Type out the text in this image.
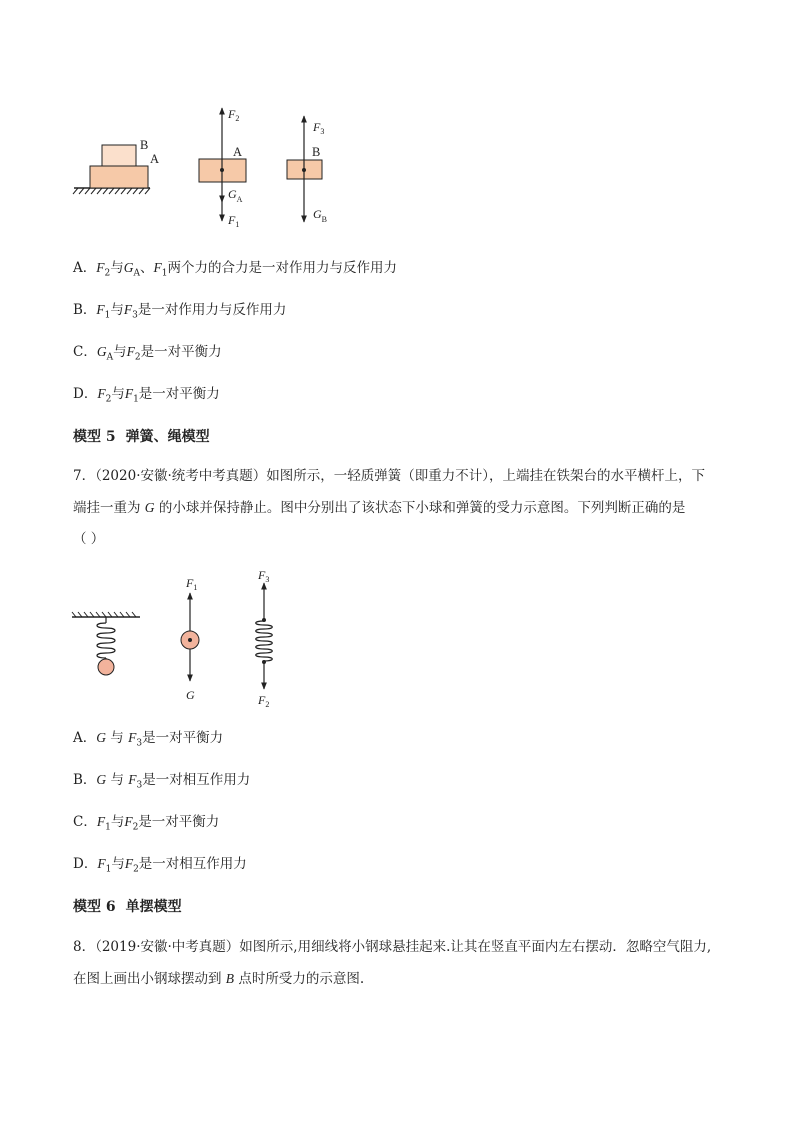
B
A	A
F2
$G_A$
F1
B
F3
$G_B$
A．$F_2$与$G_A$、$F_1$两个力的合力是一对作用力与反作用力
B．$F_1$与$F_3$是一对作用力与反作用力
C．$G_A$与$F_2$是一对平衡力
D．$F_2$与$F_1$是一对平衡力
模型 5 弹簧、绳模型
7．（2020·安徽·统考中考真题）如图所示，一轻质弹簧（即重力不计），上端挂在铁架台的水平横杆上，下
端挂一重为 G 的小球并保持静止。图中分别出了该状态下小球和弹簧的受力示意图。下列判断正确的是
（ ）
F1
G
F3
F2
A．G 与 $F_3$是一对平衡力
B．G 与 $F_3$是一对相互作用力
C．$F_1$与$F_2$是一对平衡力
D．$F_1$与$F_2$是一对相互作用力
模型 6 单摆模型
8．（2019·安徽·中考真题）如图所示,用细线将小钢球悬挂起来.让其在竖直平面内左右摆动．忽略空气阻力,
在图上画出小钢球摆动到 B 点时所受力的示意图.
